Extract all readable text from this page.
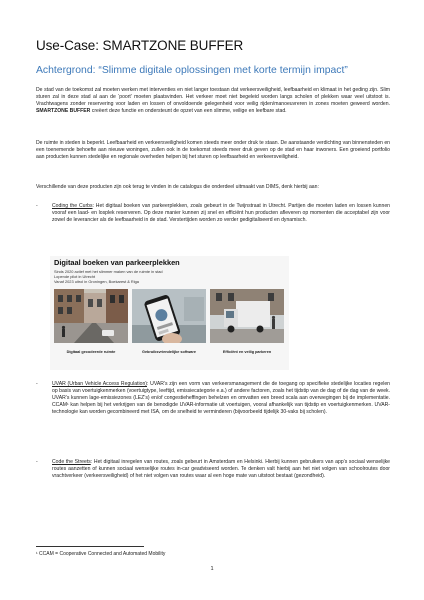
Use-Case: SMARTZONE BUFFER
Achtergrond: “Slimme digitale oplossingen met korte termijn impact”

De stad van de toekomst zal moeten werken met interventies en niet langer toestaan dat verkeersveiligheid, leefbaarheid en klimaat in het geding zijn. Slim sturen zal in deze stad al aan de ‘poort’ moeten plaatsvinden. Het verkeer moet niet begeleid worden langs scholen of plekken waar veel uitstoot is. Vrachtwagens zonder reservering voor laden en lossen of onvoldoende gelegenheid voor veilig rijden/manoeuvreren in zones moeten geweerd worden. SMARTZONE BUFFER creëert deze functie en ondersteunt de opzet van een slimme, veilige en leefbare stad.

De ruimte in steden is beperkt. Leefbaarheid en verkeersveiligheid komen steeds meer onder druk te staan. De aanstaande verdichting van binnensteden en een toenemende behoefte aan nieuwe woningen, zullen ook in de toekomst steeds meer druk geven op de stad en haar inwoners. Een groeiend portfolio aan producten kunnen stedelijke en regionale overheden helpen bij het sturen op leefbaarheid en verkeersveiligheid.

Verschillende van deze producten zijn ook terug te vinden in de catalogus die onderdeel uitmaakt van DIMS, denk hierbij aan:

-	Coding the Curbs: Het digitaal boeken van parkeerplekken, zoals gebeurt in de Twijnstraat in Utrecht. Partijen die moeten laden en lossen kunnen vooraf een laad- en losplek reserveren. Op deze manier kunnen zij snel en efficiënt hun producten afleveren op momenten die acceptabel zijn voor zowel de leverancier als de leefbaarheid in de stad. Verstertijden worden zo verder gedigitaliseerd en dynamisch.
Digitaal boeken van parkeerplekken
Sinds 2020 actief met het slimmer maken van de ruimte in stad
Lopende pilot in Utrecht
Vanaf 2023 uitrol in Groningen, Boekarest & Riga
Digitaal gecodeerde ruimte	Gebruiksvriendelijke software	Efficiënt en veilig parkeren
-	UVAR (Urban Vehicle Access Regulation): UVAR’s zijn een vorm van verkeersmanagement die de toegang op specifieke stedelijke locaties regelen op basis van voertuigkenmerken (voertuigtype, leeftijd, emissiecategorie e.a.) of andere factoren, zoals het tijdstip van de dag of de dag van de week. UVAR’s kunnen lage-emissiezones (LEZ’s) en/of congestieheffingen behelzen en omvatten een breed scala aan overwegingen bij de implementatie. CCAM¹ kan helpen bij het verkrijgen van de benodigde UVAR-informatie uit voertuigen, vooral afhankelijk van tijdstip en voertuigkenmerken. UVAR-technologie kan worden gecombineerd met ISA, om de snelheid te verminderen (bijvoorbeeld tijdelijk 30-vaks bij scholen).
-	Code the Streets: Het digitaal inregelen van routes, zoals gebeurt in Amsterdam en Helsinki. Hierbij kunnen gebruikers van app’s sociaal wenselijke routes aanzetten of kunnen sociaal wenselijke routes in-car geadviseerd worden. Te denken valt hierbij aan het niet volgen van schoolroutes door vrachtverkeer (verkeersveiligheid) of het niet volgen van routes waar al een hoge mate van uitstoot bestaat (gezondheid).
¹ CCAM = Cooperative Connected and Automated Mobility
1
